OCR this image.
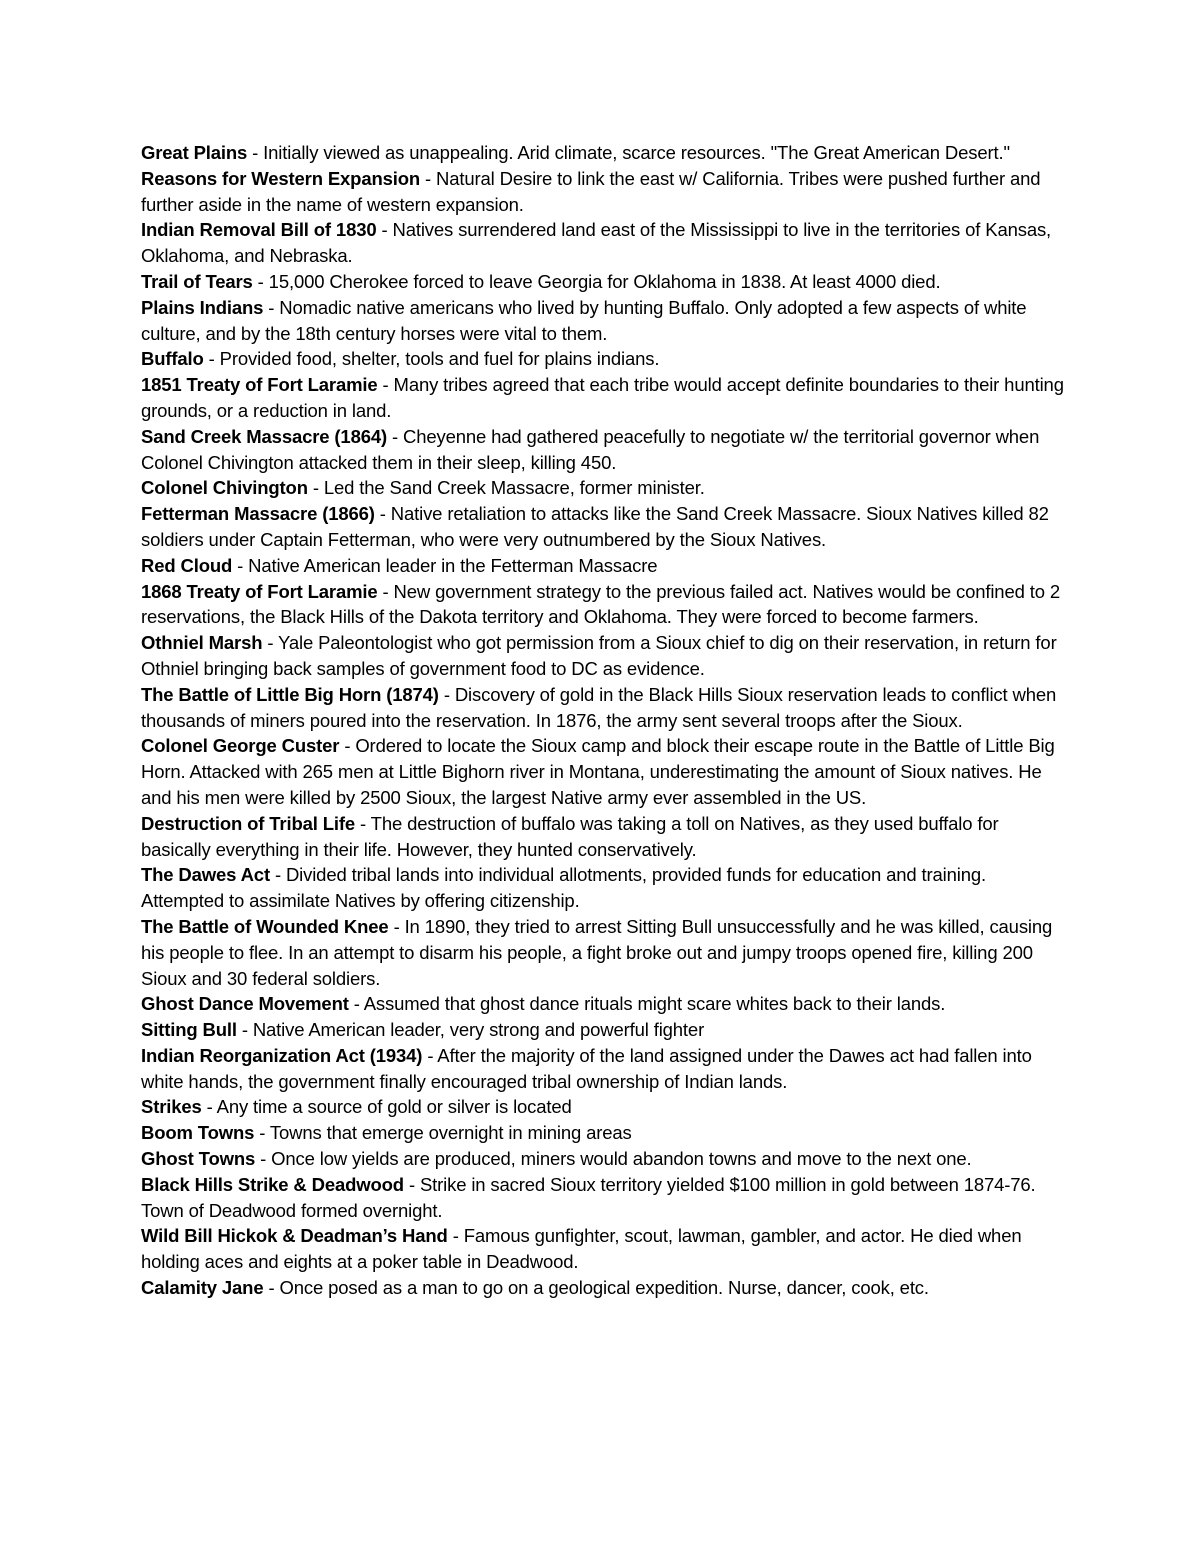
Great Plains - Initially viewed as unappealing. Arid climate, scarce resources. "The Great American Desert."

Reasons for Western Expansion - Natural Desire to link the east w/ California. Tribes were pushed further and further aside in the name of western expansion.

Indian Removal Bill of 1830 - Natives surrendered land east of the Mississippi to live in the territories of Kansas, Oklahoma, and Nebraska.

Trail of Tears - 15,000 Cherokee forced to leave Georgia for Oklahoma in 1838. At least 4000 died.

Plains Indians - Nomadic native americans who lived by hunting Buffalo. Only adopted a few aspects of white culture, and by the 18th century horses were vital to them.

Buffalo - Provided food, shelter, tools and fuel for plains indians.

1851 Treaty of Fort Laramie - Many tribes agreed that each tribe would accept definite boundaries to their hunting grounds, or a reduction in land.

Sand Creek Massacre (1864) - Cheyenne had gathered peacefully to negotiate w/ the territorial governor when Colonel Chivington attacked them in their sleep, killing 450.

Colonel Chivington - Led the Sand Creek Massacre, former minister.

Fetterman Massacre (1866) - Native retaliation to attacks like the Sand Creek Massacre. Sioux Natives killed 82 soldiers under Captain Fetterman, who were very outnumbered by the Sioux Natives.

Red Cloud - Native American leader in the Fetterman Massacre

1868 Treaty of Fort Laramie - New government strategy to the previous failed act. Natives would be confined to 2 reservations, the Black Hills of the Dakota territory and Oklahoma. They were forced to become farmers.

Othniel Marsh - Yale Paleontologist who got permission from a Sioux chief to dig on their reservation, in return for Othniel bringing back samples of government food to DC as evidence.

The Battle of Little Big Horn (1874) - Discovery of gold in the Black Hills Sioux reservation leads to conflict when thousands of miners poured into the reservation. In 1876, the army sent several troops after the Sioux.

Colonel George Custer - Ordered to locate the Sioux camp and block their escape route in the Battle of Little Big Horn. Attacked with 265 men at Little Bighorn river in Montana, underestimating the amount of Sioux natives. He and his men were killed by 2500 Sioux, the largest Native army ever assembled in the US.

Destruction of Tribal Life - The destruction of buffalo was taking a toll on Natives, as they used buffalo for basically everything in their life. However, they hunted conservatively.

The Dawes Act - Divided tribal lands into individual allotments, provided funds for education and training. Attempted to assimilate Natives by offering citizenship.

The Battle of Wounded Knee - In 1890, they tried to arrest Sitting Bull unsuccessfully and he was killed, causing his people to flee. In an attempt to disarm his people, a fight broke out and jumpy troops opened fire, killing 200 Sioux and 30 federal soldiers.

Ghost Dance Movement - Assumed that ghost dance rituals might scare whites back to their lands.

Sitting Bull - Native American leader, very strong and powerful fighter

Indian Reorganization Act (1934) - After the majority of the land assigned under the Dawes act had fallen into white hands, the government finally encouraged tribal ownership of Indian lands.

Strikes - Any time a source of gold or silver is located

Boom Towns - Towns that emerge overnight in mining areas

Ghost Towns - Once low yields are produced, miners would abandon towns and move to the next one.

Black Hills Strike & Deadwood - Strike in sacred Sioux territory yielded $100 million in gold between 1874-76. Town of Deadwood formed overnight.

Wild Bill Hickok & Deadman’s Hand - Famous gunfighter, scout, lawman, gambler, and actor. He died when holding aces and eights at a poker table in Deadwood.

Calamity Jane - Once posed as a man to go on a geological expedition. Nurse, dancer, cook, etc.
